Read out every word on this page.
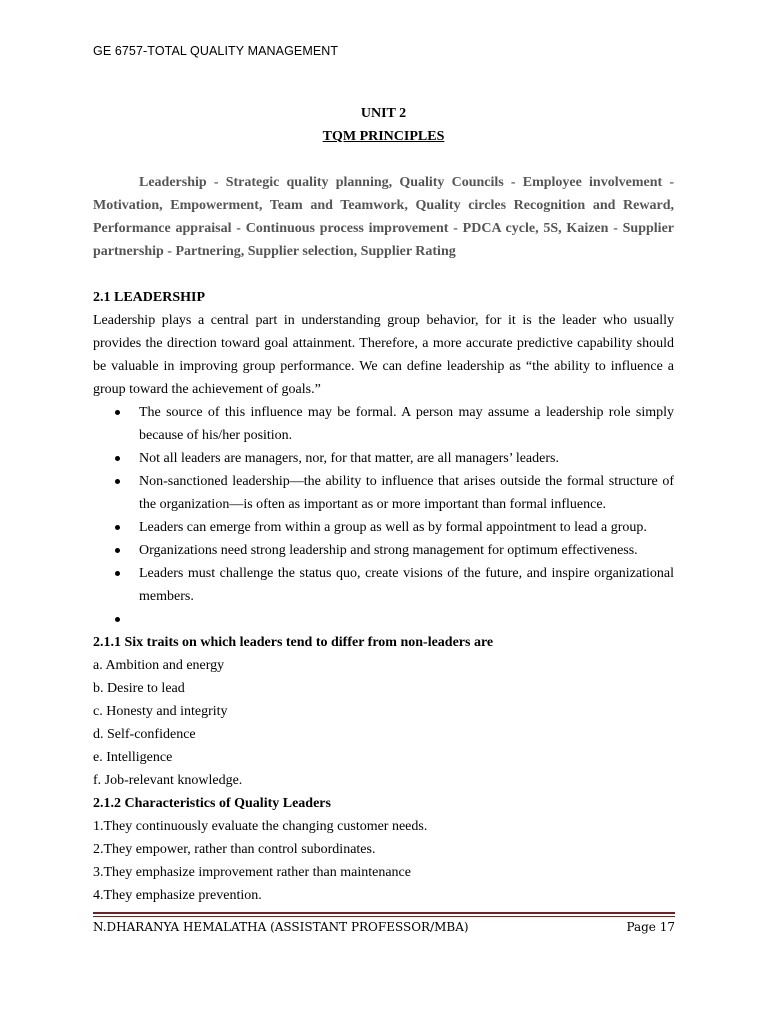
GE 6757-TOTAL QUALITY MANAGEMENT

UNIT 2

TQM PRINCIPLES

Leadership - Strategic quality planning, Quality Councils - Employee involvement - Motivation, Empowerment, Team and Teamwork, Quality circles Recognition and Reward, Performance appraisal - Continuous process improvement - PDCA cycle, 5S, Kaizen - Supplier partnership - Partnering, Supplier selection, Supplier Rating

2.1 LEADERSHIP

Leadership plays a central part in understanding group behavior, for it is the leader who usually provides the direction toward goal attainment. Therefore, a more accurate predictive capability should be valuable in improving group performance. We can define leadership as “the ability to influence a group toward the achievement of goals.”

The source of this influence may be formal. A person may assume a leadership role simply because of his/her position.
Not all leaders are managers, nor, for that matter, are all managers’ leaders.
Non-sanctioned leadership—the ability to influence that arises outside the formal structure of the organization—is often as important as or more important than formal influence.
Leaders can emerge from within a group as well as by formal appointment to lead a group.
Organizations need strong leadership and strong management for optimum effectiveness.
Leaders must challenge the status quo, create visions of the future, and inspire organizational members.

2.1.1 Six traits on which leaders tend to differ from non-leaders are

a. Ambition and energy

b. Desire to lead

c. Honesty and integrity

d. Self-confidence

e. Intelligence

f. Job-relevant knowledge.

2.1.2 Characteristics of Quality Leaders

1.They continuously evaluate the changing customer needs.

2.They empower, rather than control subordinates.

3.They emphasize improvement rather than maintenance

4.They emphasize prevention.

N.DHARANYA HEMALATHA (ASSISTANT PROFESSOR/MBA)	Page 17
